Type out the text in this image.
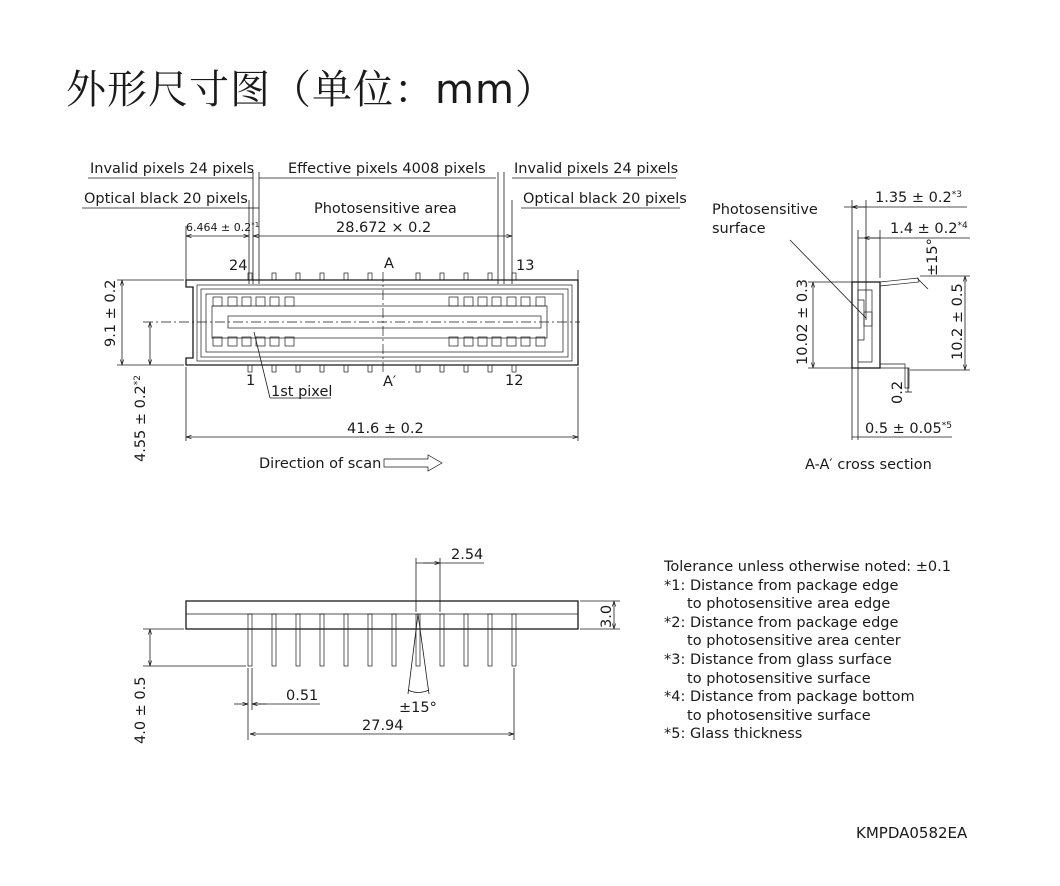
外形尺寸图（单位：mm）
Invalid pixels 24 pixels Effective pixels 4008 pixels Invalid pixels 24 pixels
Optical black 20 pixels	Optical black 20 pixels
Photosensitive area
28.672 × 0.2
$6.464 \pm 0.2^{*1}$
24	13
1	12
A
A′
1st pixel
9.1 ± 0.2
$4.55 \pm 0.2^{*2}$
41.6 ± 0.2
Direction of scan
Photosensitive
surface
$1.35 \pm 0.2^{*3}$
$1.4 \pm 0.2^{*4}$
±15°
10.02 ± 0.3	10.2 ± 0.5
0.2
$0.5 \pm 0.05^{*5}$
A-A′ cross section
2.54
±15°
3.0
4.0 ± 0.5	0.51
27.94
Tolerance unless otherwise noted: ±0.1
*1: Distance from package edge
to photosensitive area edge
*2: Distance from package edge
to photosensitive area center
*3: Distance from glass surface
to photosensitive surface
*4: Distance from package bottom
to photosensitive surface
*5: Glass thickness
KMPDA0582EA
